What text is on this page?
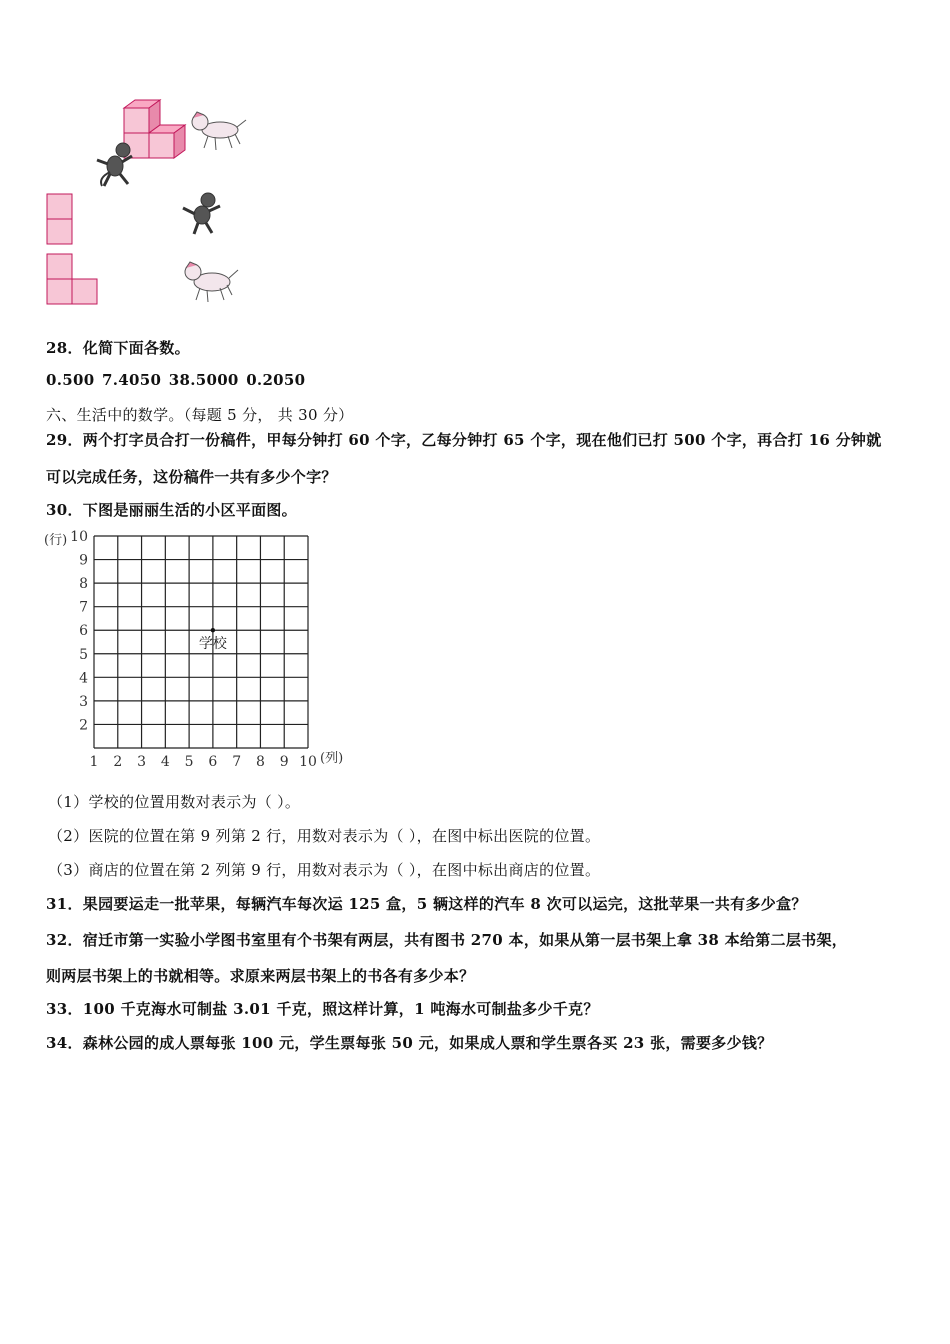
28．化简下面各数。
0.500 7.4050 38.5000 0.2050
六、生活中的数学。（每题 5 分， 共 30 分）
29．两个打字员合打一份稿件，甲每分钟打 60 个字，乙每分钟打 65 个字，现在他们已打 500 个字，再合打 16 分钟就
可以完成任务，这份稿件一共有多少个字？
30．下图是丽丽生活的小区平面图。
(行) 10
9
8
7
6
5
4
3
2
1 2 3 4 5 6 7 8 9 10 (列)
学校
（1）学校的位置用数对表示为（ ）。
（2）医院的位置在第 9 列第 2 行，用数对表示为（ ），在图中标出医院的位置。
（3）商店的位置在第 2 列第 9 行，用数对表示为（ ），在图中标出商店的位置。
31．果园要运走一批苹果，每辆汽车每次运 125 盒，5 辆这样的汽车 8 次可以运完，这批苹果一共有多少盒？
32．宿迁市第一实验小学图书室里有个书架有两层，共有图书 270 本，如果从第一层书架上拿 38 本给第二层书架，
则两层书架上的书就相等。求原来两层书架上的书各有多少本？
33．100 千克海水可制盐 3.01 千克，照这样计算，1 吨海水可制盐多少千克？
34．森林公园的成人票每张 100 元，学生票每张 50 元，如果成人票和学生票各买 23 张，需要多少钱？
